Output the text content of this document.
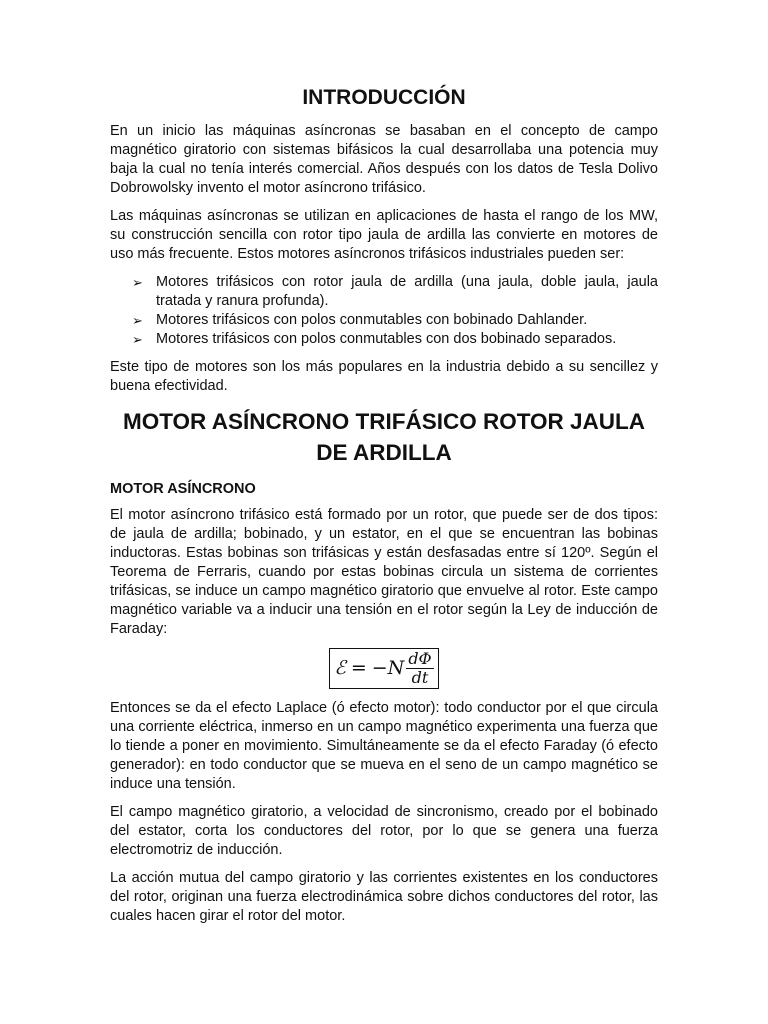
INTRODUCCIÓN

En un inicio las máquinas asíncronas se basaban en el concepto de campo magnético giratorio con sistemas bifásicos la cual desarrollaba una potencia muy baja la cual no tenía interés comercial. Años después con los datos de Tesla Dolivo Dobrowolsky invento el motor asíncrono trifásico.

Las máquinas asíncronas se utilizan en aplicaciones de hasta el rango de los MW, su construcción sencilla con rotor tipo jaula de ardilla las convierte en motores de uso más frecuente. Estos motores asíncronos trifásicos industriales pueden ser:

➢ Motores trifásicos con rotor jaula de ardilla (una jaula, doble jaula, jaula tratada y ranura profunda).
➢ Motores trifásicos con polos conmutables con bobinado Dahlander.
➢ Motores trifásicos con polos conmutables con dos bobinado separados.

Este tipo de motores son los más populares en la industria debido a su sencillez y buena efectividad.

MOTOR ASÍNCRONO TRIFÁSICO ROTOR JAULA
DE ARDILLA
MOTOR ASÍNCRONO

El motor asíncrono trifásico está formado por un rotor, que puede ser de dos tipos: de jaula de ardilla; bobinado, y un estator, en el que se encuentran las bobinas inductoras. Estas bobinas son trifásicas y están desfasadas entre sí 120º. Según el Teorema de Ferraris, cuando por estas bobinas circula un sistema de corrientes trifásicas, se induce un campo magnético giratorio que envuelve al rotor. Este campo magnético variable va a inducir una tensión en el rotor según la Ley de inducción de Faraday:

ℰ = $-N \frac{d\Phi}{dt}$

Entonces se da el efecto Laplace (ó efecto motor): todo conductor por el que circula una corriente eléctrica, inmerso en un campo magnético experimenta una fuerza que lo tiende a poner en movimiento. Simultáneamente se da el efecto Faraday (ó efecto generador): en todo conductor que se mueva en el seno de un campo magnético se induce una tensión.

El campo magnético giratorio, a velocidad de sincronismo, creado por el bobinado del estator, corta los conductores del rotor, por lo que se genera una fuerza electromotriz de inducción.

La acción mutua del campo giratorio y las corrientes existentes en los conductores del rotor, originan una fuerza electrodinámica sobre dichos conductores del rotor, las cuales hacen girar el rotor del motor.
